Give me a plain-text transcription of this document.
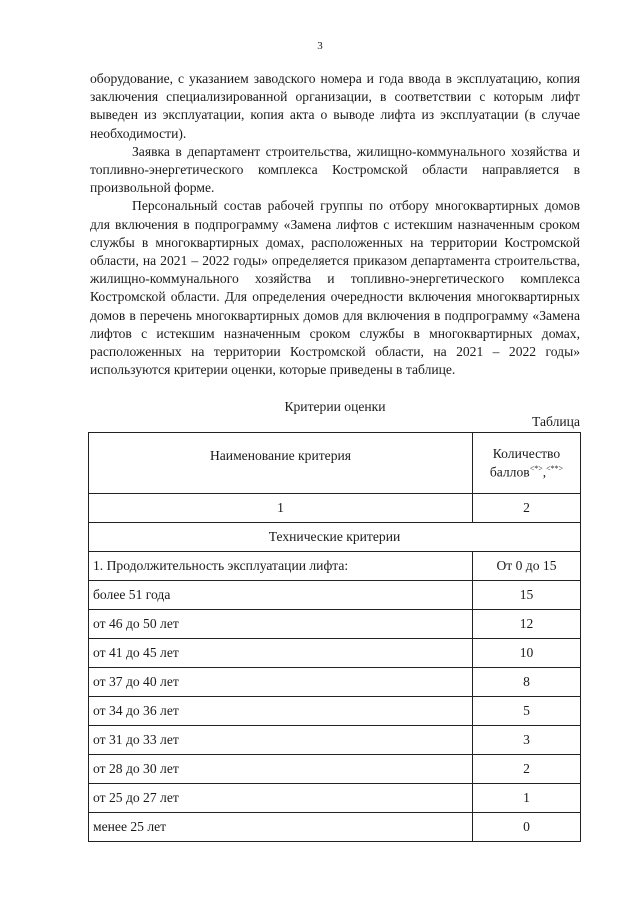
3

оборудование, с указанием заводского номера и года ввода в эксплуатацию, копия заключения специализированной организации, в соответствии с которым лифт выведен из эксплуатации, копия акта о выводе лифта из эксплуатации (в случае необходимости).

Заявка в департамент строительства, жилищно-коммунального хозяйства и топливно-энергетического комплекса Костромской области направляется в произвольной форме.

Персональный состав рабочей группы по отбору многоквартирных домов для включения в подпрограмму «Замена лифтов с истекшим назначенным сроком службы в многоквартирных домах, расположенных на территории Костромской области, на 2021 – 2022 годы» определяется приказом департамента строительства, жилищно-коммунального хозяйства и топливно-энергетического комплекса Костромской области. Для определения очередности включения многоквартирных домов в перечень многоквартирных домов для включения в подпрограмму «Замена лифтов с истекшим назначенным сроком службы в многоквартирных домах, расположенных на территории Костромской области, на 2021 – 2022 годы» используются критерии оценки, которые приведены в таблице.

Критерии оценки
Таблица
Наименование критерия	Количество баллов<*>,<**>
1	2
Технические критерии	
1. Продолжительность эксплуатации лифта:	От 0 до 15
более 51 года	15
от 46 до 50 лет	12
от 41 до 45 лет	10
от 37 до 40 лет	8
от 34 до 36 лет	5
от 31 до 33 лет	3
от 28 до 30 лет	2
от 25 до 27 лет	1
менее 25 лет	0
